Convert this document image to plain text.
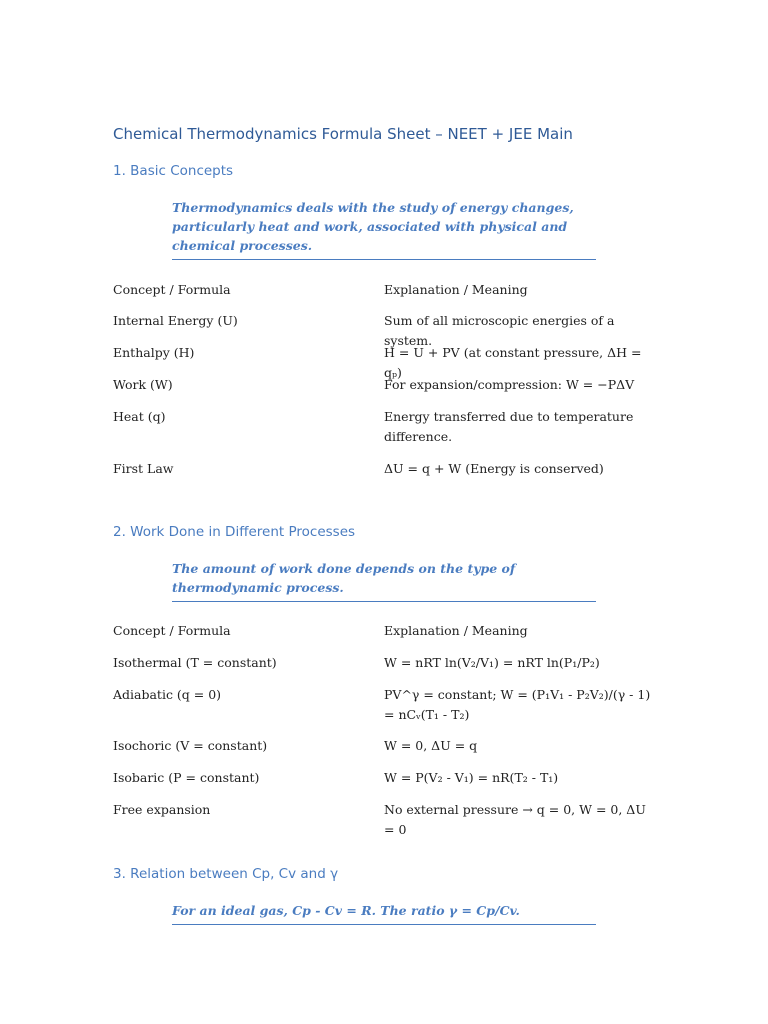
Chemical Thermodynamics Formula Sheet – NEET + JEE Main
1. Basic Concepts
Thermodynamics deals with the study of energy changes, particularly heat and work, associated with physical and chemical processes.
Concept / Formula	Explanation / Meaning
Internal Energy (U)	Sum of all microscopic energies of a system.
Enthalpy (H)	H = U + PV (at constant pressure, ΔH = qₚ)
Work (W)	For expansion/compression: W = −PΔV
Heat (q)	Energy transferred due to temperature difference.
First Law	ΔU = q + W (Energy is conserved)
2. Work Done in Different Processes
The amount of work done depends on the type of thermodynamic process.
Concept / Formula	Explanation / Meaning
Isothermal (T = constant)	W = nRT ln(V₂/V₁) = nRT ln(P₁/P₂)
Adiabatic (q = 0)	PV^γ = constant; W = (P₁V₁ - P₂V₂)/(γ - 1) = nCᵥ(T₁ - T₂)
Isochoric (V = constant)	W = 0, ΔU = q
Isobaric (P = constant)	W = P(V₂ - V₁) = nR(T₂ - T₁)
Free expansion	No external pressure → q = 0, W = 0, ΔU = 0
3. Relation between Cp, Cv and γ
For an ideal gas, Cp - Cv = R. The ratio γ = Cp/Cv.
